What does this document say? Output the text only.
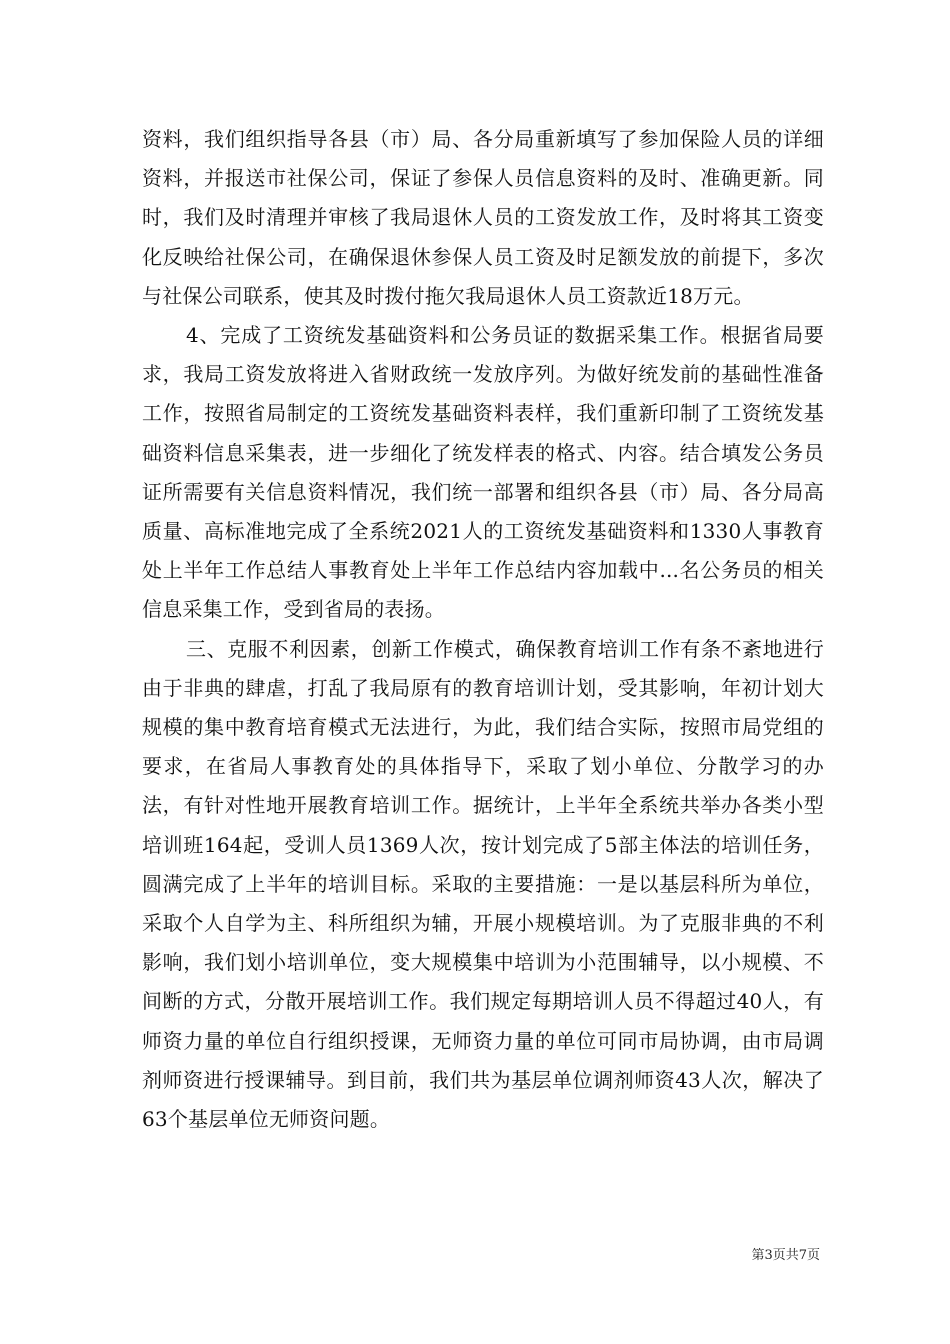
资料，我们组织指导各县（市）局、各分局重新填写了参加保险人员的详细资料，并报送市社保公司，保证了参保人员信息资料的及时、准确更新。同时，我们及时清理并审核了我局退休人员的工资发放工作，及时将其工资变化反映给社保公司，在确保退休参保人员工资及时足额发放的前提下，多次与社保公司联系，使其及时拨付拖欠我局退休人员工资款近18万元。

4、完成了工资统发基础资料和公务员证的数据采集工作。根据省局要求，我局工资发放将进入省财政统一发放序列。为做好统发前的基础性准备工作，按照省局制定的工资统发基础资料表样，我们重新印制了工资统发基础资料信息采集表，进一步细化了统发样表的格式、内容。结合填发公务员证所需要有关信息资料情况，我们统一部署和组织各县（市）局、各分局高质量、高标准地完成了全系统2021人的工资统发基础资料和1330人事教育处上半年工作总结人事教育处上半年工作总结内容加载中...名公务员的相关信息采集工作，受到省局的表扬。

三、克服不利因素，创新工作模式，确保教育培训工作有条不紊地进行由于非典的肆虐，打乱了我局原有的教育培训计划，受其影响，年初计划大规模的集中教育培育模式无法进行，为此，我们结合实际，按照市局党组的要求，在省局人事教育处的具体指导下，采取了划小单位、分散学习的办法，有针对性地开展教育培训工作。据统计，上半年全系统共举办各类小型培训班164起，受训人员1369人次，按计划完成了5部主体法的培训任务，圆满完成了上半年的培训目标。采取的主要措施：一是以基层科所为单位，采取个人自学为主、科所组织为辅，开展小规模培训。为了克服非典的不利影响，我们划小培训单位，变大规模集中培训为小范围辅导，以小规模、不间断的方式，分散开展培训工作。我们规定每期培训人员不得超过40人，有师资力量的单位自行组织授课，无师资力量的单位可同市局协调，由市局调剂师资进行授课辅导。到目前，我们共为基层单位调剂师资43人次，解决了63个基层单位无师资问题。

第3页共7页
